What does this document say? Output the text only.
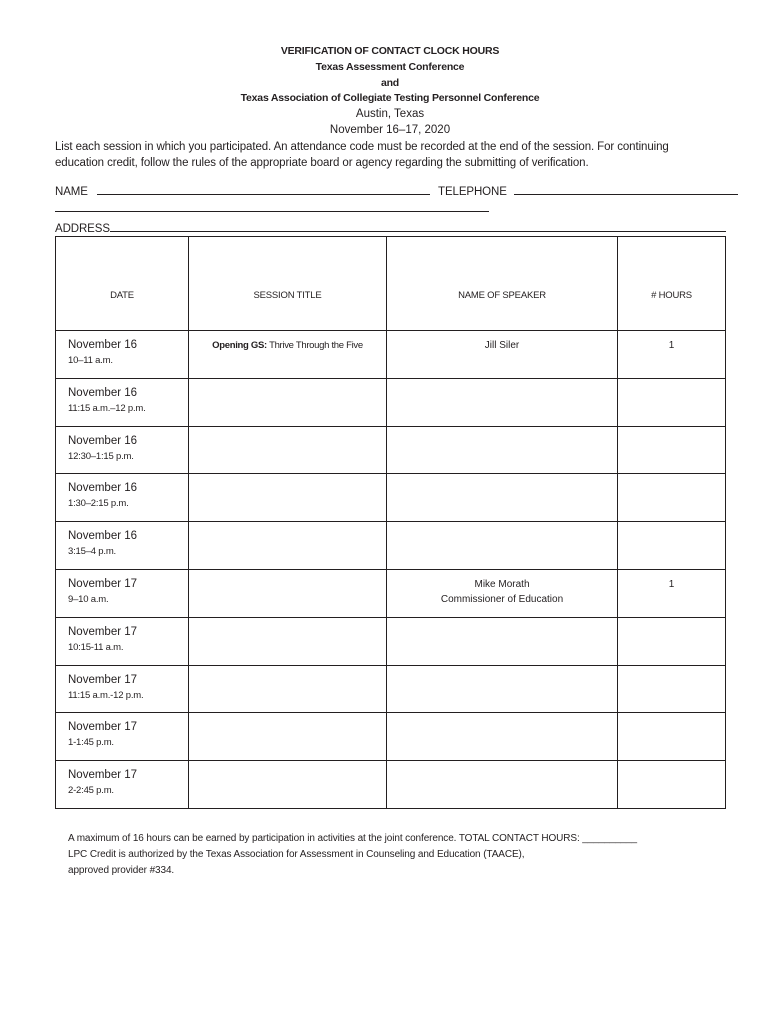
VERIFICATION OF CONTACT CLOCK HOURS
Texas Assessment Conference
and
Texas Association of Collegiate Testing Personnel Conference
Austin, Texas
November 16–17, 2020
List each session in which you participated. An attendance code must be recorded at the end of the session. For continuing education credit, follow the rules of the appropriate board or agency regarding the submitting of verification.
NAME	TELEPHONE
ADDRESS
DATE	SESSION TITLE	NAME OF SPEAKER	# HOURS

November 16
10–11 a.m.	Opening GS: Thrive Through the Five	Jill Siler	1

November 16
11:15 a.m.–12 p.m.			

November 16
12:30–1:15 p.m.			

November 16
1:30–2:15 p.m.			

November 16
3:15–4 p.m.			

November 17
9–10 a.m.		Mike Morath
Commissioner of Education	1

November 17
10:15-11 a.m.			

November 17
11:15 a.m.-12 p.m.			

November 17
1-1:45 p.m.			

November 17
2-2:45 p.m.			

A maximum of 16 hours can be earned by participation in activities at the joint conference. TOTAL CONTACT HOURS: __________
LPC Credit is authorized by the Texas Association for Assessment in Counseling and Education (TAACE),
approved provider #334.
